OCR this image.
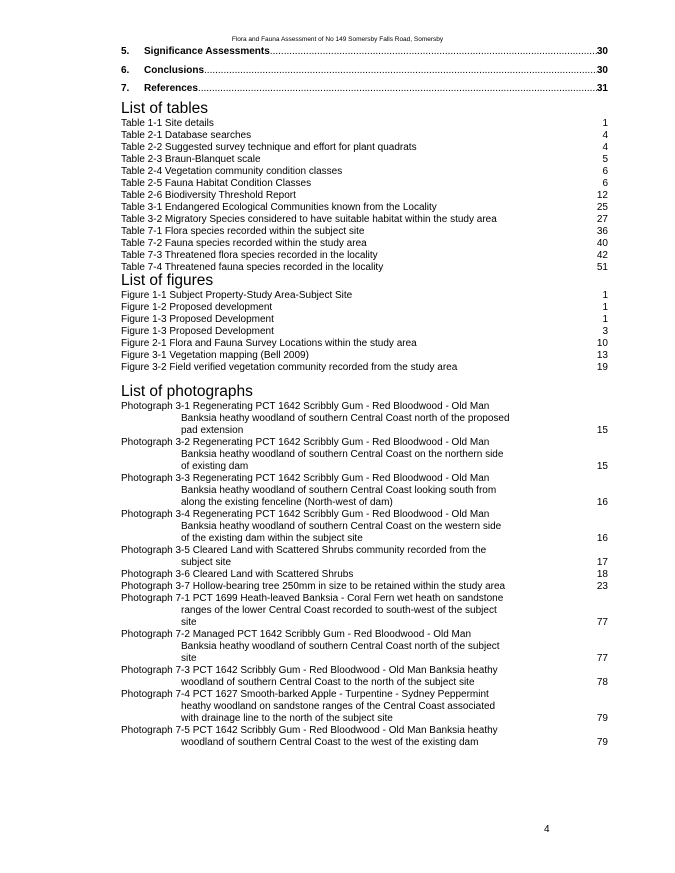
Flora and Fauna Assessment of No 149 Somersby Falls Road, Somersby
5.	Significance Assessments .....	30
6.	Conclusions .....	30
7.	References .....	31
List of tables
Table 1-1 Site details	1
Table 2-1 Database searches	4
Table 2-2 Suggested survey technique and effort for plant quadrats	4
Table 2-3 Braun-Blanquet scale	5
Table 2-4 Vegetation community condition classes	6
Table 2-5 Fauna Habitat Condition Classes	6
Table 2-6 Biodiversity Threshold Report	12
Table 3-1 Endangered Ecological Communities known from the Locality	25
Table 3-2 Migratory Species considered to have suitable habitat within the study area	27
Table 7-1 Flora species recorded within the subject site	36
Table 7-2 Fauna species recorded within the study area	40
Table 7-3 Threatened flora species recorded in the locality	42
Table 7-4 Threatened fauna species recorded in the locality	51
List of figures
Figure 1-1 Subject Property-Study Area-Subject Site	1
Figure 1-2 Proposed development	1
Figure 1-3 Proposed Development	1
Figure 1-3 Proposed Development	3
Figure 2-1 Flora and Fauna Survey Locations within the study area	10
Figure 3-1 Vegetation mapping (Bell 2009)	13
Figure 3-2 Field verified vegetation community recorded from the study area	19
List of photographs
Photograph 3-1 Regenerating PCT 1642 Scribbly Gum - Red Bloodwood - Old Man
Banksia heathy woodland of southern Central Coast north of the proposed
pad extension	15
Photograph 3-2 Regenerating PCT 1642 Scribbly Gum - Red Bloodwood - Old Man
Banksia heathy woodland of southern Central Coast on the northern side
of existing dam	15
Photograph 3-3 Regenerating PCT 1642 Scribbly Gum - Red Bloodwood - Old Man
Banksia heathy woodland of southern Central Coast looking south from
along the existing fenceline (North-west of dam)	16
Photograph 3-4 Regenerating PCT 1642 Scribbly Gum - Red Bloodwood - Old Man
Banksia heathy woodland of southern Central Coast on the western side
of the existing dam within the subject site	16
Photograph 3-5 Cleared Land with Scattered Shrubs community recorded from the
subject site	17
Photograph 3-6 Cleared Land with Scattered Shrubs	18
Photograph 3-7 Hollow-bearing tree 250mm in size to be retained within the study area	23
Photograph 7-1 PCT 1699 Heath-leaved Banksia - Coral Fern wet heath on sandstone
ranges of the lower Central Coast recorded to south-west of the subject
site	77
Photograph 7-2 Managed PCT 1642 Scribbly Gum - Red Bloodwood - Old Man
Banksia heathy woodland of southern Central Coast north of the subject
site	77
Photograph 7-3 PCT 1642 Scribbly Gum - Red Bloodwood - Old Man Banksia heathy
woodland of southern Central Coast to the north of the subject site	78
Photograph 7-4 PCT 1627 Smooth-barked Apple - Turpentine - Sydney Peppermint
heathy woodland on sandstone ranges of the Central Coast associated
with drainage line to the north of the subject site	79
Photograph 7-5 PCT 1642 Scribbly Gum - Red Bloodwood - Old Man Banksia heathy
woodland of southern Central Coast to the west of the existing dam	79
4
